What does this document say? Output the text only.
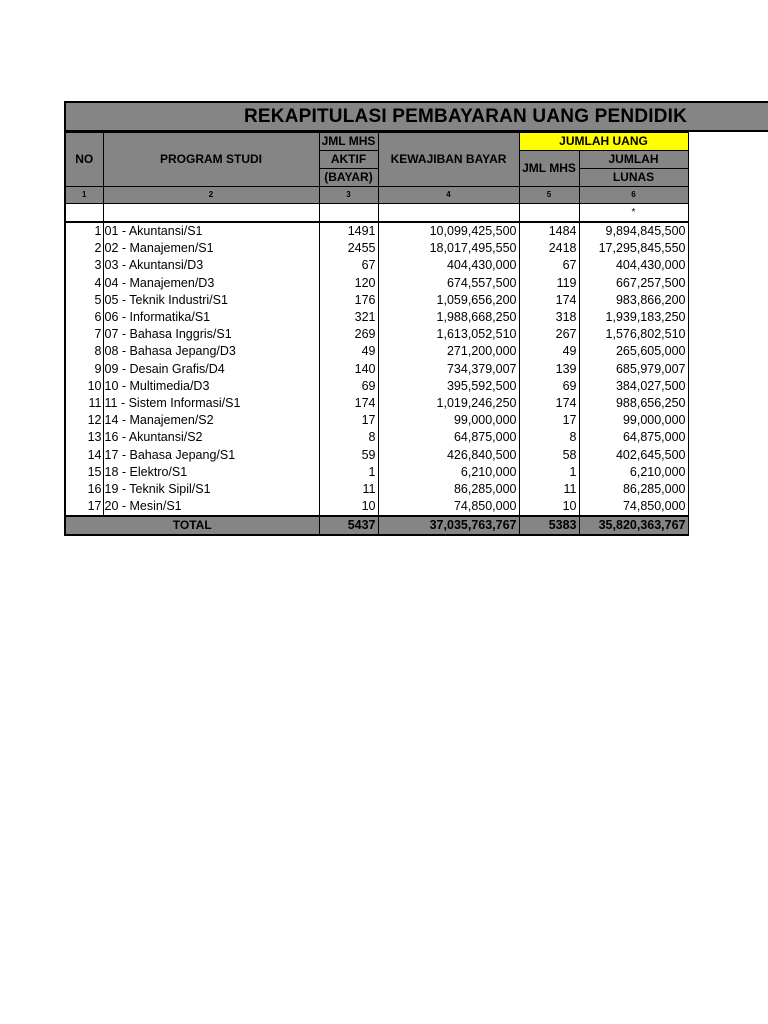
REKAPITULASI PEMBAYARAN UANG PENDIDIK
NO	PROGRAM STUDI	JML MHS	KEWAJIBAN BAYAR	JUMLAH UANG	
		AKTIF		JML MHS	JUMLAH
		(BAYAR)			LUNAS
1	2	3	4	5	6
					*
1	01 - Akuntansi/S1	1491	10,099,425,500	1484	9,894,845,500
2	02 - Manajemen/S1	2455	18,017,495,550	2418	17,295,845,550
3	03 - Akuntansi/D3	67	404,430,000	67	404,430,000
4	04 - Manajemen/D3	120	674,557,500	119	667,257,500
5	05 - Teknik Industri/S1	176	1,059,656,200	174	983,866,200
6	06 - Informatika/S1	321	1,988,668,250	318	1,939,183,250
7	07 - Bahasa Inggris/S1	269	1,613,052,510	267	1,576,802,510
8	08 - Bahasa Jepang/D3	49	271,200,000	49	265,605,000
9	09 - Desain Grafis/D4	140	734,379,007	139	685,979,007
10	10 - Multimedia/D3	69	395,592,500	69	384,027,500
11	11 - Sistem Informasi/S1	174	1,019,246,250	174	988,656,250
12	14 - Manajemen/S2	17	99,000,000	17	99,000,000
13	16 - Akuntansi/S2	8	64,875,000	8	64,875,000
14	17 - Bahasa Jepang/S1	59	426,840,500	58	402,645,500
15	18 - Elektro/S1	1	6,210,000	1	6,210,000
16	19 - Teknik Sipil/S1	11	86,285,000	11	86,285,000
17	20 - Mesin/S1	10	74,850,000	10	74,850,000
TOTAL		5437	37,035,763,767	5383	35,820,363,767
